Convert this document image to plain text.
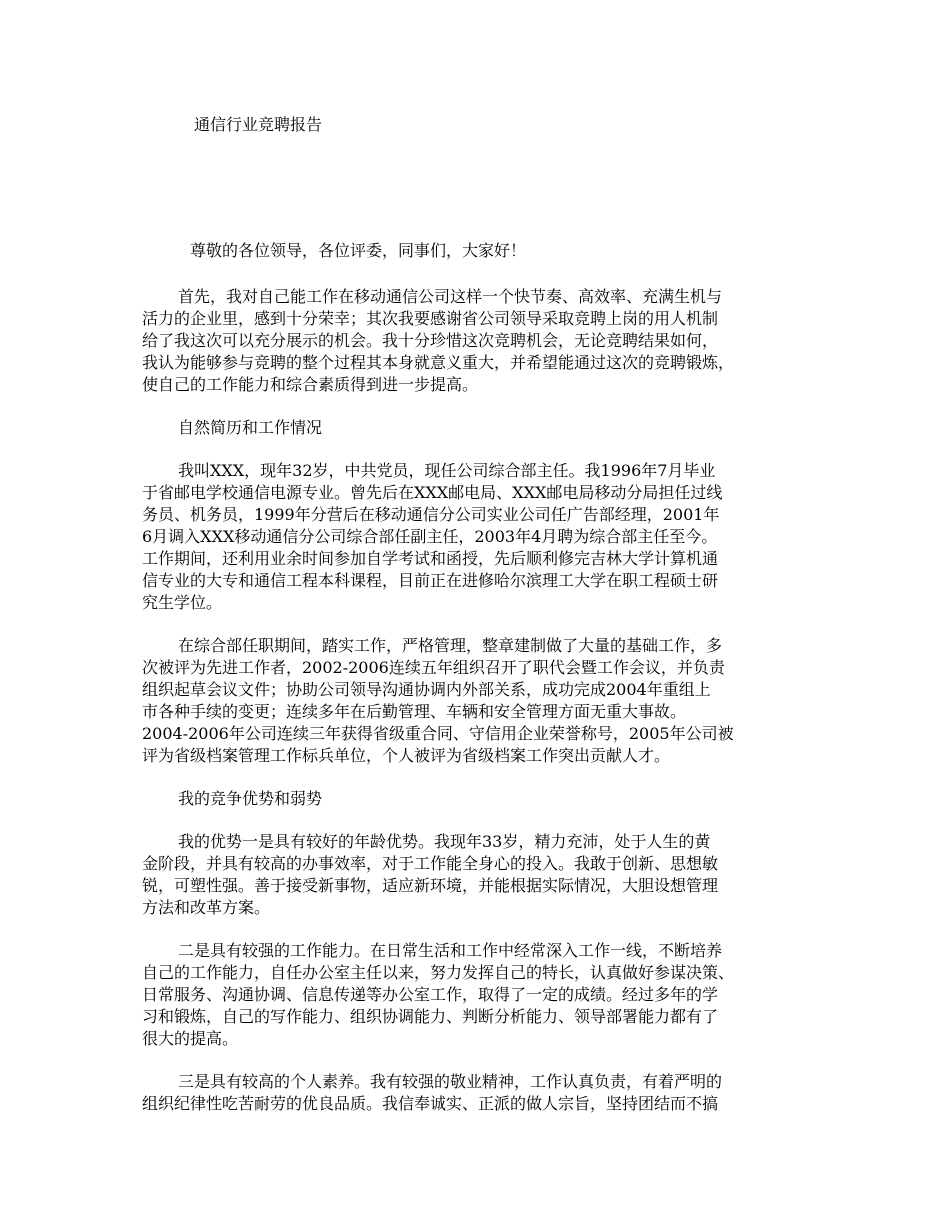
通信行业竞聘报告
尊敬的各位领导，各位评委，同事们，大家好！
首先，我对自己能工作在移动通信公司这样一个快节奏、高效率、充满生机与
活力的企业里，感到十分荣幸；其次我要感谢省公司领导采取竞聘上岗的用人机制
给了我这次可以充分展示的机会。我十分珍惜这次竞聘机会，无论竞聘结果如何，
我认为能够参与竞聘的整个过程其本身就意义重大，并希望能通过这次的竞聘锻炼，
使自己的工作能力和综合素质得到进一步提高。
自然简历和工作情况
我叫XXX，现年32岁，中共党员，现任公司综合部主任。我1996年7月毕业
于省邮电学校通信电源专业。曾先后在XXX邮电局、XXX邮电局移动分局担任过线
务员、机务员，1999年分营后在移动通信分公司实业公司任广告部经理，2001年
6月调入XXX移动通信分公司综合部任副主任，2003年4月聘为综合部主任至今。
工作期间，还利用业余时间参加自学考试和函授，先后顺利修完吉林大学计算机通
信专业的大专和通信工程本科课程，目前正在进修哈尔滨理工大学在职工程硕士研
究生学位。
在综合部任职期间，踏实工作，严格管理，整章建制做了大量的基础工作，多
次被评为先进工作者，2002-2006连续五年组织召开了职代会暨工作会议，并负责
组织起草会议文件；协助公司领导沟通协调内外部关系，成功完成2004年重组上
市各种手续的变更；连续多年在后勤管理、车辆和安全管理方面无重大事故。
2004-2006年公司连续三年获得省级重合同、守信用企业荣誉称号，2005年公司被
评为省级档案管理工作标兵单位，个人被评为省级档案工作突出贡献人才。
我的竞争优势和弱势
我的优势一是具有较好的年龄优势。我现年33岁，精力充沛，处于人生的黄
金阶段，并具有较高的办事效率，对于工作能全身心的投入。我敢于创新、思想敏
锐，可塑性强。善于接受新事物，适应新环境，并能根据实际情况，大胆设想管理
方法和改革方案。
二是具有较强的工作能力。在日常生活和工作中经常深入工作一线，不断培养
自己的工作能力，自任办公室主任以来，努力发挥自己的特长，认真做好参谋决策、
日常服务、沟通协调、信息传递等办公室工作，取得了一定的成绩。经过多年的学
习和锻炼，自己的写作能力、组织协调能力、判断分析能力、领导部署能力都有了
很大的提高。
三是具有较高的个人素养。我有较强的敬业精神，工作认真负责，有着严明的
组织纪律性吃苦耐劳的优良品质。我信奉诚实、正派的做人宗旨，坚持团结而不搞
